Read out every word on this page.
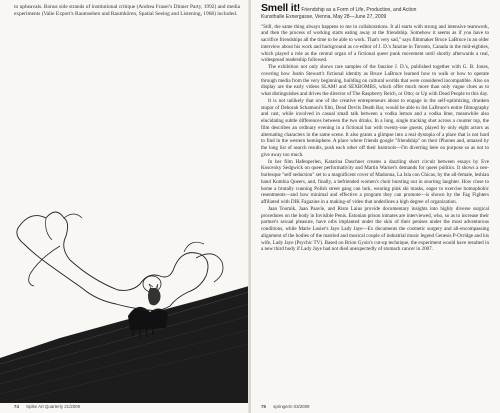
to upheavals. Bonus side strands of institutional critique (Andrea Fraser's Dinner Party, 1992) and media experiments (Valie Export's Raumsehen und Raumhören, Spatial Seeing and Listening, 1968) included.
74 Spike Art Quarterly 21/2009
Smell it! Friendship as a Form of Life, Production, and Action
Kunsthalle Exnergasse, Vienna, May 28—June 27, 2009

"Still, the same thing always happens to me in collaborations. It all starts with strong and intensive teamwork, and then the process of working starts eating away at the friendship. Somehow it seems as if you have to sacrifice friendships all the time to be able to work. That's very sad," says filmmaker Bruce LaBruce in an older interview about his work and background as co-editor of J. D.'s fanzine in Toronto, Canada in the mid-eighties, which played a role as the central organ of a fictional queer punk movement until shortly afterwards a real, widespread readership followed.

The exhibition not only shows rare samples of the fanzine J. D.'s, published together with G. B. Jones, covering how Justin Stewart's fictional identity as Bruce LaBruce learned how to walk or how to operate through media from the very beginning, building on cultural worlds that were considered incompatible. Also on display are the early videos SLAM! and SEXBOMBS, which offer much more than only vague clues as to what distinguishes and drives the director of The Raspberry Reich, or Otto; or Up with Dead People to this day.

It is not unlikely that one of the creative entrepreneurs about to engage in the self-optimizing, drunken stupor of Deborah Schamoni's film, Dead Devils Death Bar, would be able to list LaBruce's entire filmography and cast, while involved in casual small talk between a vodka lemon and a vodka lime, meanwhile also elucidating subtle differences between the two drinks. In a long, single tracking shot across a counter top, the film describes an ordinary evening in a fictional bar with twenty-one guests, played by only eight actors as alternating characters in the same scene. It also grants a glimpse into a real dystopia of a place that is not hard to find in the western hemisphere. A place where friends google "friendship" on their iPhones and, amazed by the long list of search results, push each other off their barstools—I'm diverting here on purpose so as not to give away too much.

In her film Hafenperlen, Katarina Daschner creates a dazzling short circuit between essays by Eve Kosovsky Sedgwick on queer performativity and Martin Warner's demands for queer politics. It shows a neo-burlesque "self seduction" set to a magnificent cover of Madonna, La Isla con Chicas, by the all-female, lesbian band Kumbia Queers, and, finally, a befriended women's choir bursting out in snorting laughter. How close to home a brutally cunning Polish street gang can lurk, wearing pink ski masks, eager to exercise homophobic resentments—and how minimal and effective a program they can promote—is shown by the Fag Fighters affiliated with DIK Fagazine in a making-of video that underlines a high degree of organization.

Jaan Toomik, Jaan Paavle, and Risto Laius provide documentary insights into highly diverse surgical procedures on the body in Invisible Penis. Estonian prison inmates are interviewed, who, so as to increase their partner's sexual pleasure, have orbs implanted under the skin of their penises under the most adventurous conditions, while Marie Losier's Jaye Lady Jaye—Ex documents the cosmetic surgery and all-encompassing alignment of the bodies of the married and musical couple of industrial music legend Genesis P-Orridge and his wife, Lady Jaye (Psychic TV). Based on Brion Gysin's cut-up technique, the experiment would have resulted in a new third body if Lady Jaye had not died unexpectedly of stomach cancer in 2007.

75 springerin 03/2009
